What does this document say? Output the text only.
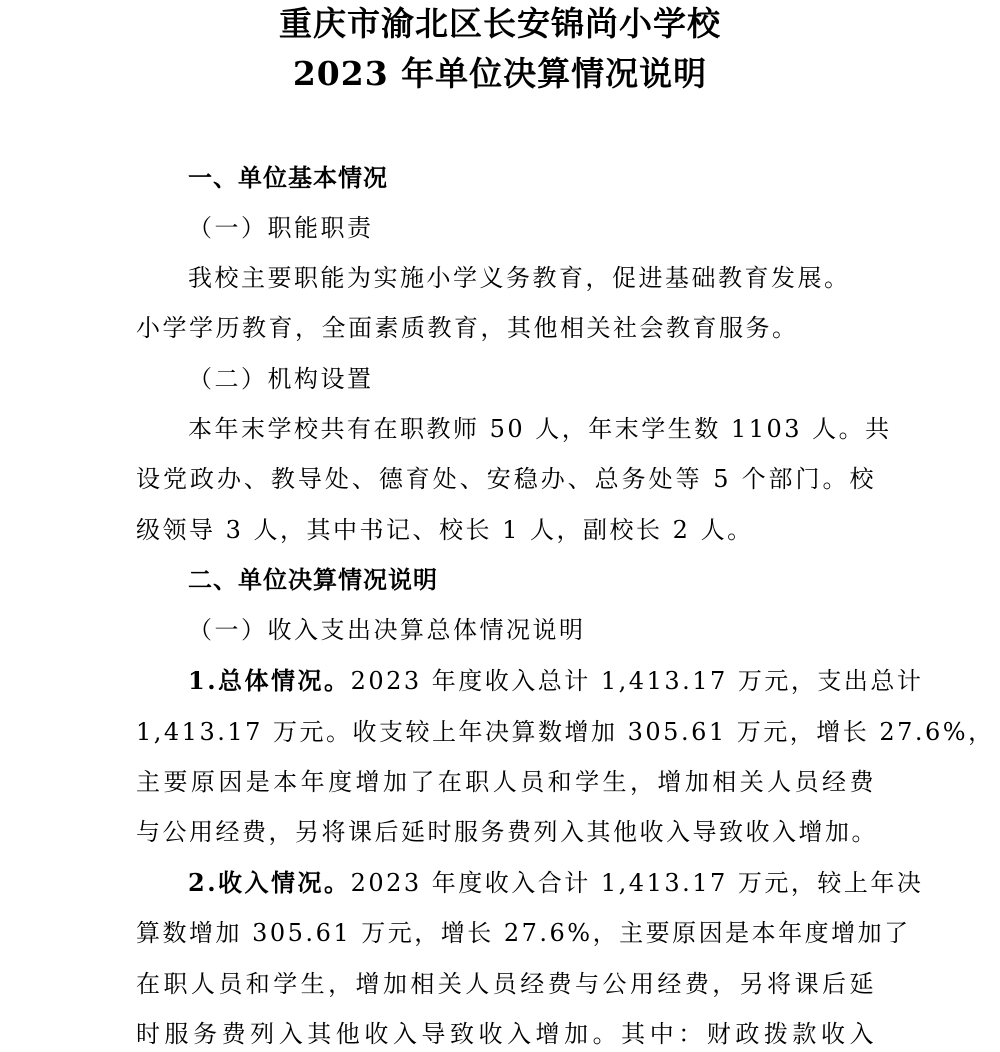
重庆市渝北区长安锦尚小学校
2023 年单位决算情况说明
一、单位基本情况
（一）职能职责
我校主要职能为实施小学义务教育，促进基础教育发展。
小学学历教育，全面素质教育，其他相关社会教育服务。
（二）机构设置
本年末学校共有在职教师 50 人，年末学生数 1103 人。共
设党政办、教导处、德育处、安稳办、总务处等 5 个部门。校
级领导 3 人，其中书记、校长 1 人，副校长 2 人。
二、单位决算情况说明
（一）收入支出决算总体情况说明
1.总体情况。2023 年度收入总计 1,413.17 万元，支出总计
1,413.17 万元。收支较上年决算数增加 305.61 万元，增长 27.6%，
主要原因是本年度增加了在职人员和学生，增加相关人员经费
与公用经费，另将课后延时服务费列入其他收入导致收入增加。
2.收入情况。2023 年度收入合计 1,413.17 万元，较上年决
算数增加 305.61 万元，增长 27.6%，主要原因是本年度增加了
在职人员和学生，增加相关人员经费与公用经费，另将课后延
时服务费列入其他收入导致收入增加。其中：财政拨款收入
